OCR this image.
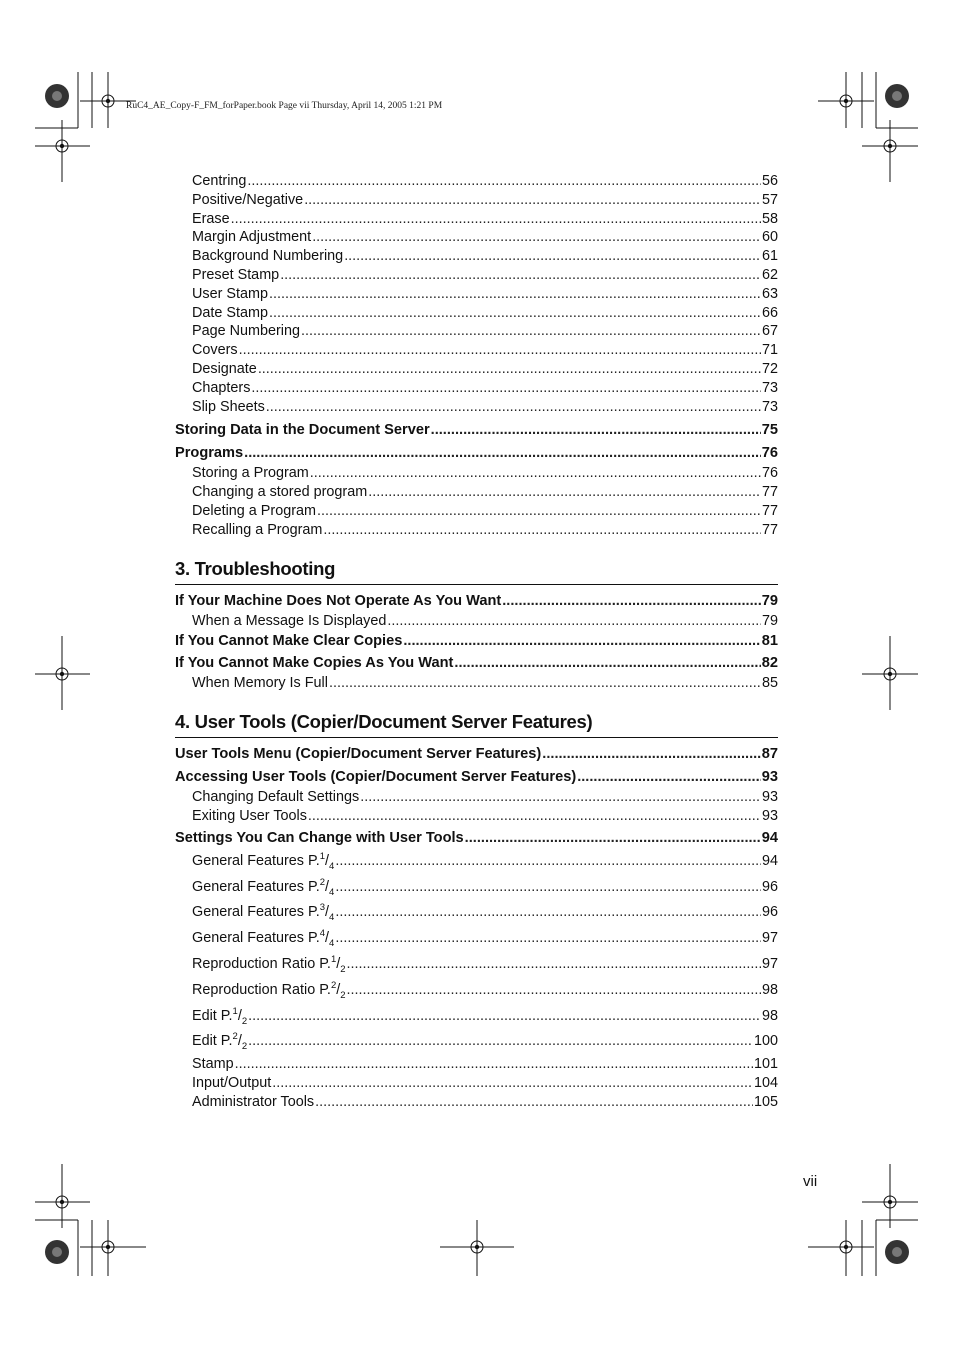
RuC4_AE_Copy-F_FM_forPaper.book Page vii Thursday, April 14, 2005 1:21 PM
Centring .....	56
Positive/Negative .....	57
Erase .....	58
Margin Adjustment .....	60
Background Numbering .....	61
Preset Stamp .....	62
User Stamp .....	63
Date Stamp .....	66
Page Numbering .....	67
Covers .....	71
Designate .....	72
Chapters .....	73
Slip Sheets .....	73
Storing Data in the Document Server .....	75
Programs .....	76
Storing a Program .....	76
Changing a stored program .....	77
Deleting a Program .....	77
Recalling a Program .....	77
3. Troubleshooting
If Your Machine Does Not Operate As You Want .....	79
When a Message Is Displayed .....	79
If You Cannot Make Clear Copies .....	81
If You Cannot Make Copies As You Want .....	82
When Memory Is Full .....	85
4. User Tools (Copier/Document Server Features)
User Tools Menu (Copier/Document Server Features) .....	87
Accessing User Tools (Copier/Document Server Features) .....	93
Changing Default Settings .....	93
Exiting User Tools .....	93
Settings You Can Change with User Tools .....	94
General Features $P.^1/_4$ .....	94
General Features $P.^2/_4$ .....	96
General Features $P.^3/_4$ .....	96
General Features $P.^4/_4$ .....	97
Reproduction Ratio $P.^1/_2$ .....	97
Reproduction Ratio $P.^2/_2$ .....	98
Edit $P.^1/_2$ .....	98
Edit $P.^2/_2$ .....	100
Stamp .....	101
Input/Output .....	104
Administrator Tools .....	105
vii
